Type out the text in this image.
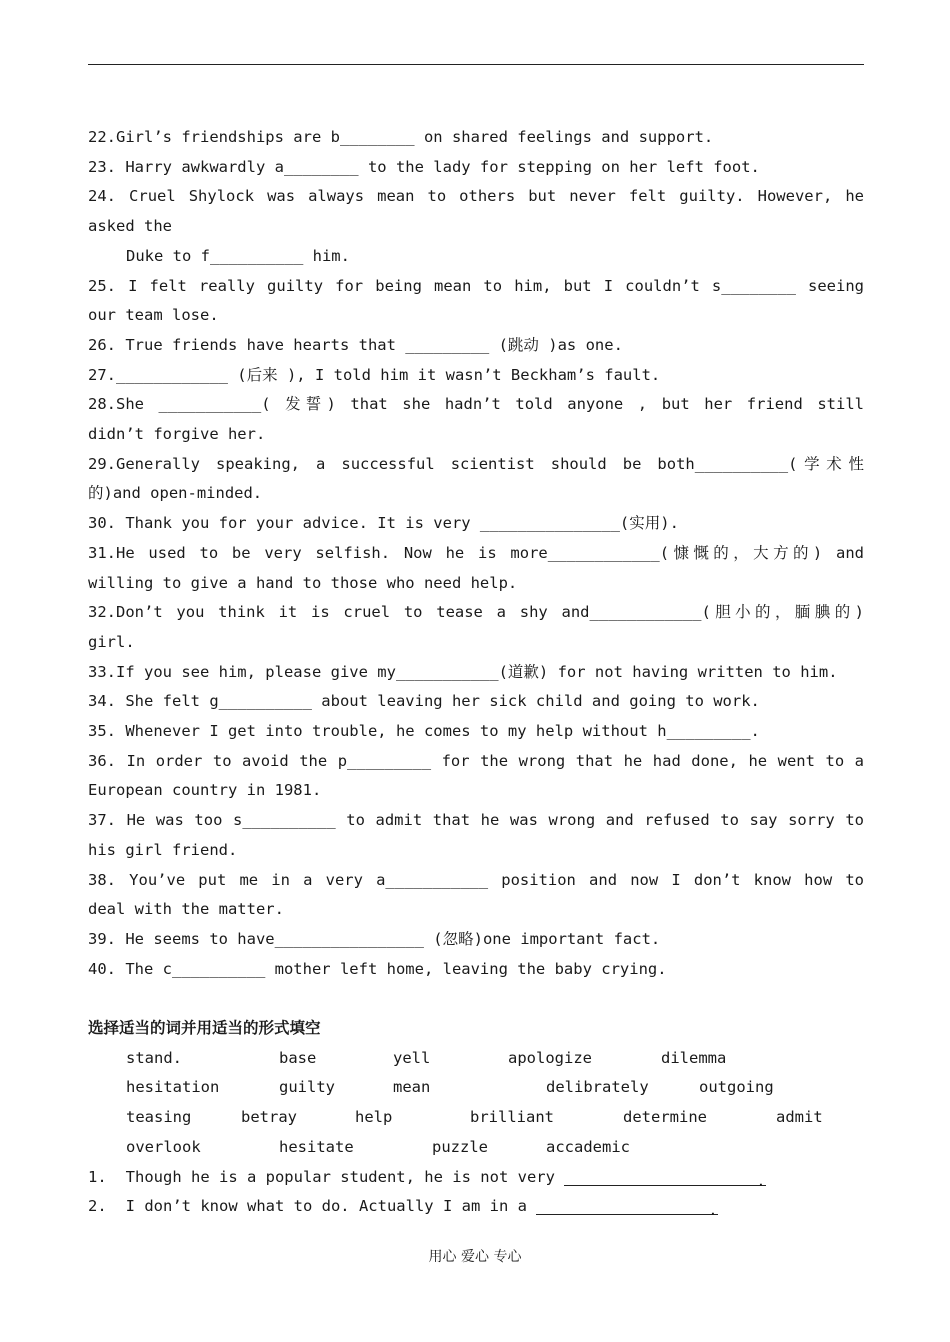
22.Girl’s friendships are b________ on shared feelings and support.
23. Harry awkwardly a________ to the lady for stepping on her left foot.
24. Cruel Shylock was always mean to others but never felt guilty. However, he
asked the
Duke to f__________ him.
25. I felt really guilty for being mean to him, but I couldn’t s________ seeing
our team lose.
26. True friends have hearts that _________ (跳动 )as one.
27.____________ (后来 ), I told him it wasn’t Beckham’s fault.
28.She ___________( 发誓) that she hadn’t told anyone , but her friend still
didn’t forgive her.
29.Generally speaking, a successful scientist should be both__________(学术性
的)and open-minded.
30. Thank you for your advice. It is very _______________(实用).
31.He used to be very selfish. Now he is more____________(慷慨的，大方的) and
willing to give a hand to those who need help.
32.Don’t you think it is cruel to tease a shy and____________(胆小的，腼腆的)
girl.
33.If you see him, please give my___________(道歉) for not having written to him.
34. She felt g__________ about leaving her sick child and going to work.
35. Whenever I get into trouble, he comes to my help without h_________.
36. In order to avoid the p_________ for the wrong that he had done, he went to a
European country in 1981.
37. He was too s__________ to admit that he was wrong and refused to say sorry to
his girl friend.
38. You’ve put me in a very a___________ position and now I don’t know how to
deal with the matter.
39. He seems to have________________ (忽略)one important fact.
40. The c__________ mother left home, leaving the baby crying.
选择适当的词并用适当的形式填空
stand.	base	yell	apologize	dilemma
hesitation	guilty	mean	delibrately	outgoing
teasing	betray	help	brilliant	determine	admit
overlook	hesitate	puzzle	accademic
1. Though he is a popular student, he is not very	.
2. I don’t know what to do. Actually I am in a	.
用心 爱心 专心
